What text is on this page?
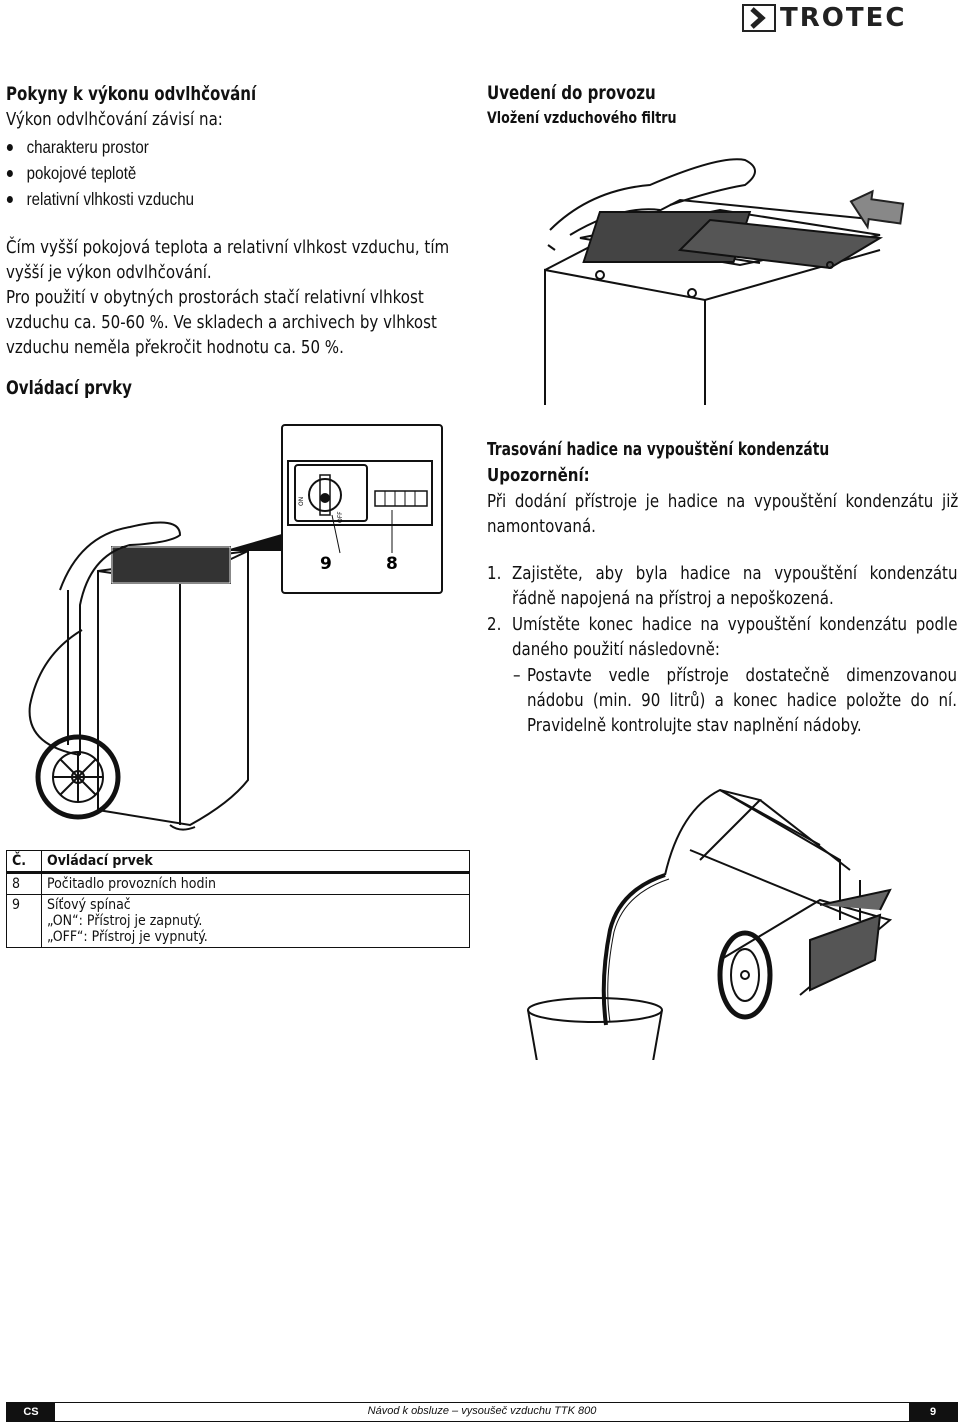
TROTEC
Pokyny k výkonu odvlhčování
Výkon odvlhčování závisí na:
charakteru prostor
pokojové teplotě
relativní vlhkosti vzduchu
Čím vyšší pokojová teplota a relativní vlhkost vzduchu, tím vyšší je výkon odvlhčování.
Pro použití v obytných prostorách stačí relativní vlhkost vzduchu ca. 50-60 %. Ve skladech a archivech by vlhkost vzduchu neměla překročit hodnotu ca. 50 %.
Ovládací prvky
9	8
ON
OFF
Č.	Ovládací prvek
8	Počitadlo provozních hodin
9	Síťový spínač
„ON“: Přístroj je zapnutý.
„OFF“: Přístroj je vypnutý.
Uvedení do provozu
Vložení vzduchového filtru
Trasování hadice na vypouštění kondenzátu
Upozornění:
Při dodání přístroje je hadice na vypouštění kondenzátu již namontovaná.
1. Zajistěte, aby byla hadice na vypouštění kondenzátu řádně napojená na přístroj a nepoškozená.
2. Umístěte konec hadice na vypouštění kondenzátu podle daného použití následovně:
– Postavte vedle přístroje dostatečně dimenzovanou nádobu (min. 90 litrů) a konec hadice položte do ní. Pravidelně kontrolujte stav naplnění nádoby.
CS	Návod k obsluze – vysoušeč vzduchu TTK 800	9
